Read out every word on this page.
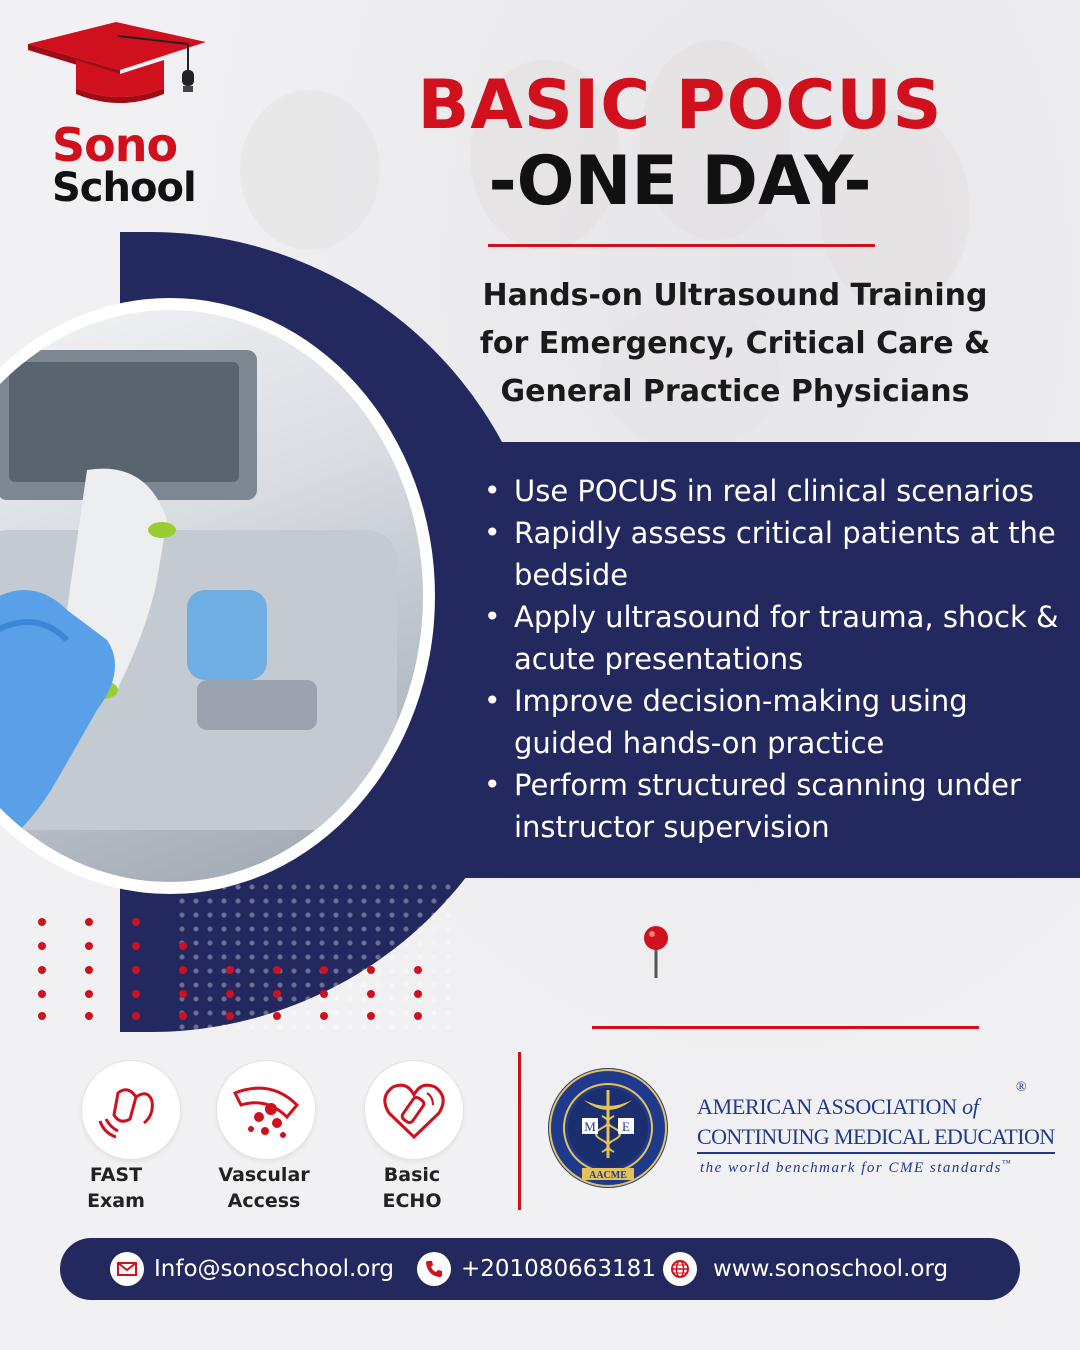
Sono
School
BASIC POCUS
-ONE DAY-
Hands-on Ultrasound Training
for Emergency, Critical Care &
General Practice Physicians
• Use POCUS in real clinical scenarios
• Rapidly assess critical patients at the bedside
• Apply ultrasound for trauma, shock & acute presentations
• Improve decision-making using guided hands-on practice
• Perform structured scanning under instructor supervision
FAST
Exam
Vascular
Access
Basic
ECHO
M E
AACME
AMERICAN ASSOCIATION of
®
CONTINUING MEDICAL EDUCATION
the world benchmark for CME standards™
Info@sonoschool.org	+201080663181 www.sonoschool.org
